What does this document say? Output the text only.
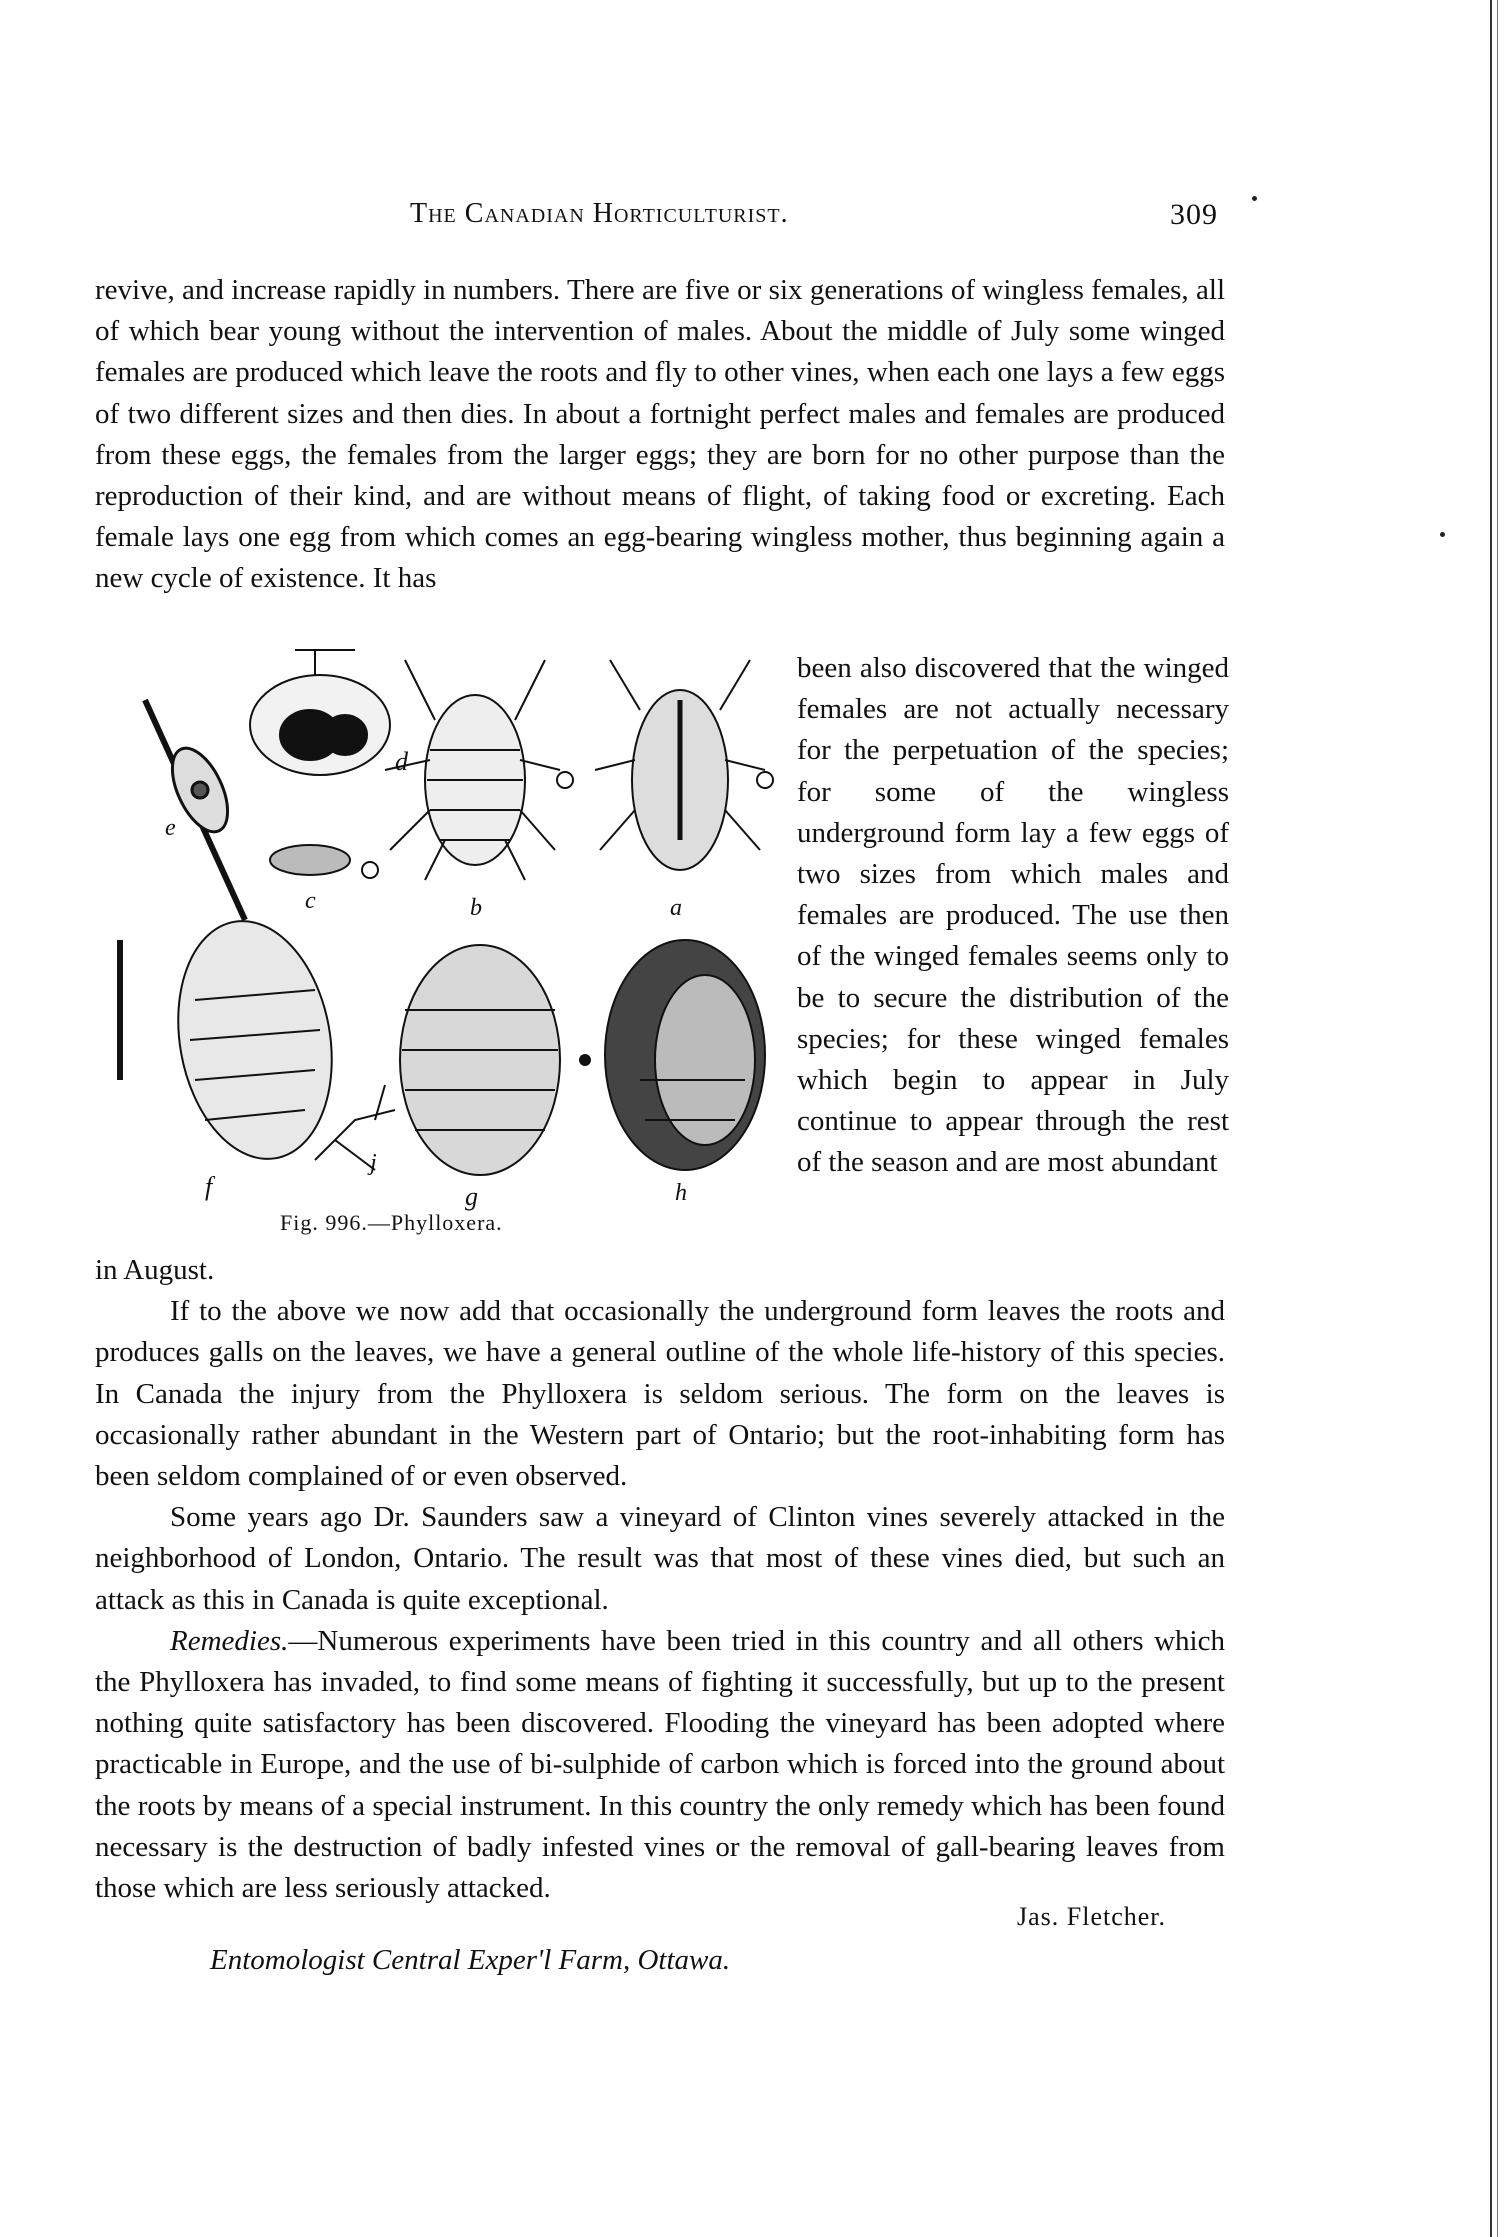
The Canadian Horticulturist.	309

revive, and increase rapidly in numbers. There are five or six generations of wingless females, all of which bear young without the intervention of males. About the middle of July some winged females are produced which leave the roots and fly to other vines, when each one lays a few eggs of two different sizes and then dies. In about a fortnight perfect males and females are produced from these eggs, the females from the larger eggs; they are born for no other purpose than the reproduction of their kind, and are without means of flight, of taking food or excreting. Each female lays one egg from which comes an egg-bearing wingless mother, thus beginning again a new cycle of existence. It has

e
d
c	b	a
f
j
g	h
Fig. 996.—Phylloxera.
been also discovered that the winged females are not actually necessary for the perpetuation of the species; for some of the wingless underground form lay a few eggs of two sizes from which males and females are produced. The use then of the winged females seems only to be to secure the distribution of the species; for these winged females which begin to appear in July continue to appear through the rest of the season and are most abundant

in August.

If to the above we now add that occasionally the underground form leaves the roots and produces galls on the leaves, we have a general outline of the whole life-history of this species. In Canada the injury from the Phylloxera is seldom serious. The form on the leaves is occasionally rather abundant in the Western part of Ontario; but the root-inhabiting form has been seldom complained of or even observed.

Some years ago Dr. Saunders saw a vineyard of Clinton vines severely attacked in the neighborhood of London, Ontario. The result was that most of these vines died, but such an attack as this in Canada is quite exceptional.

Remedies.—Numerous experiments have been tried in this country and all others which the Phylloxera has invaded, to find some means of fighting it successfully, but up to the present nothing quite satisfactory has been discovered. Flooding the vineyard has been adopted where practicable in Europe, and the use of bi-sulphide of carbon which is forced into the ground about the roots by means of a special instrument. In this country the only remedy which has been found necessary is the destruction of badly infested vines or the removal of gall-bearing leaves from those which are less seriously attacked.

Jas. Fletcher.
Entomologist Central Exper'l Farm, Ottawa.
